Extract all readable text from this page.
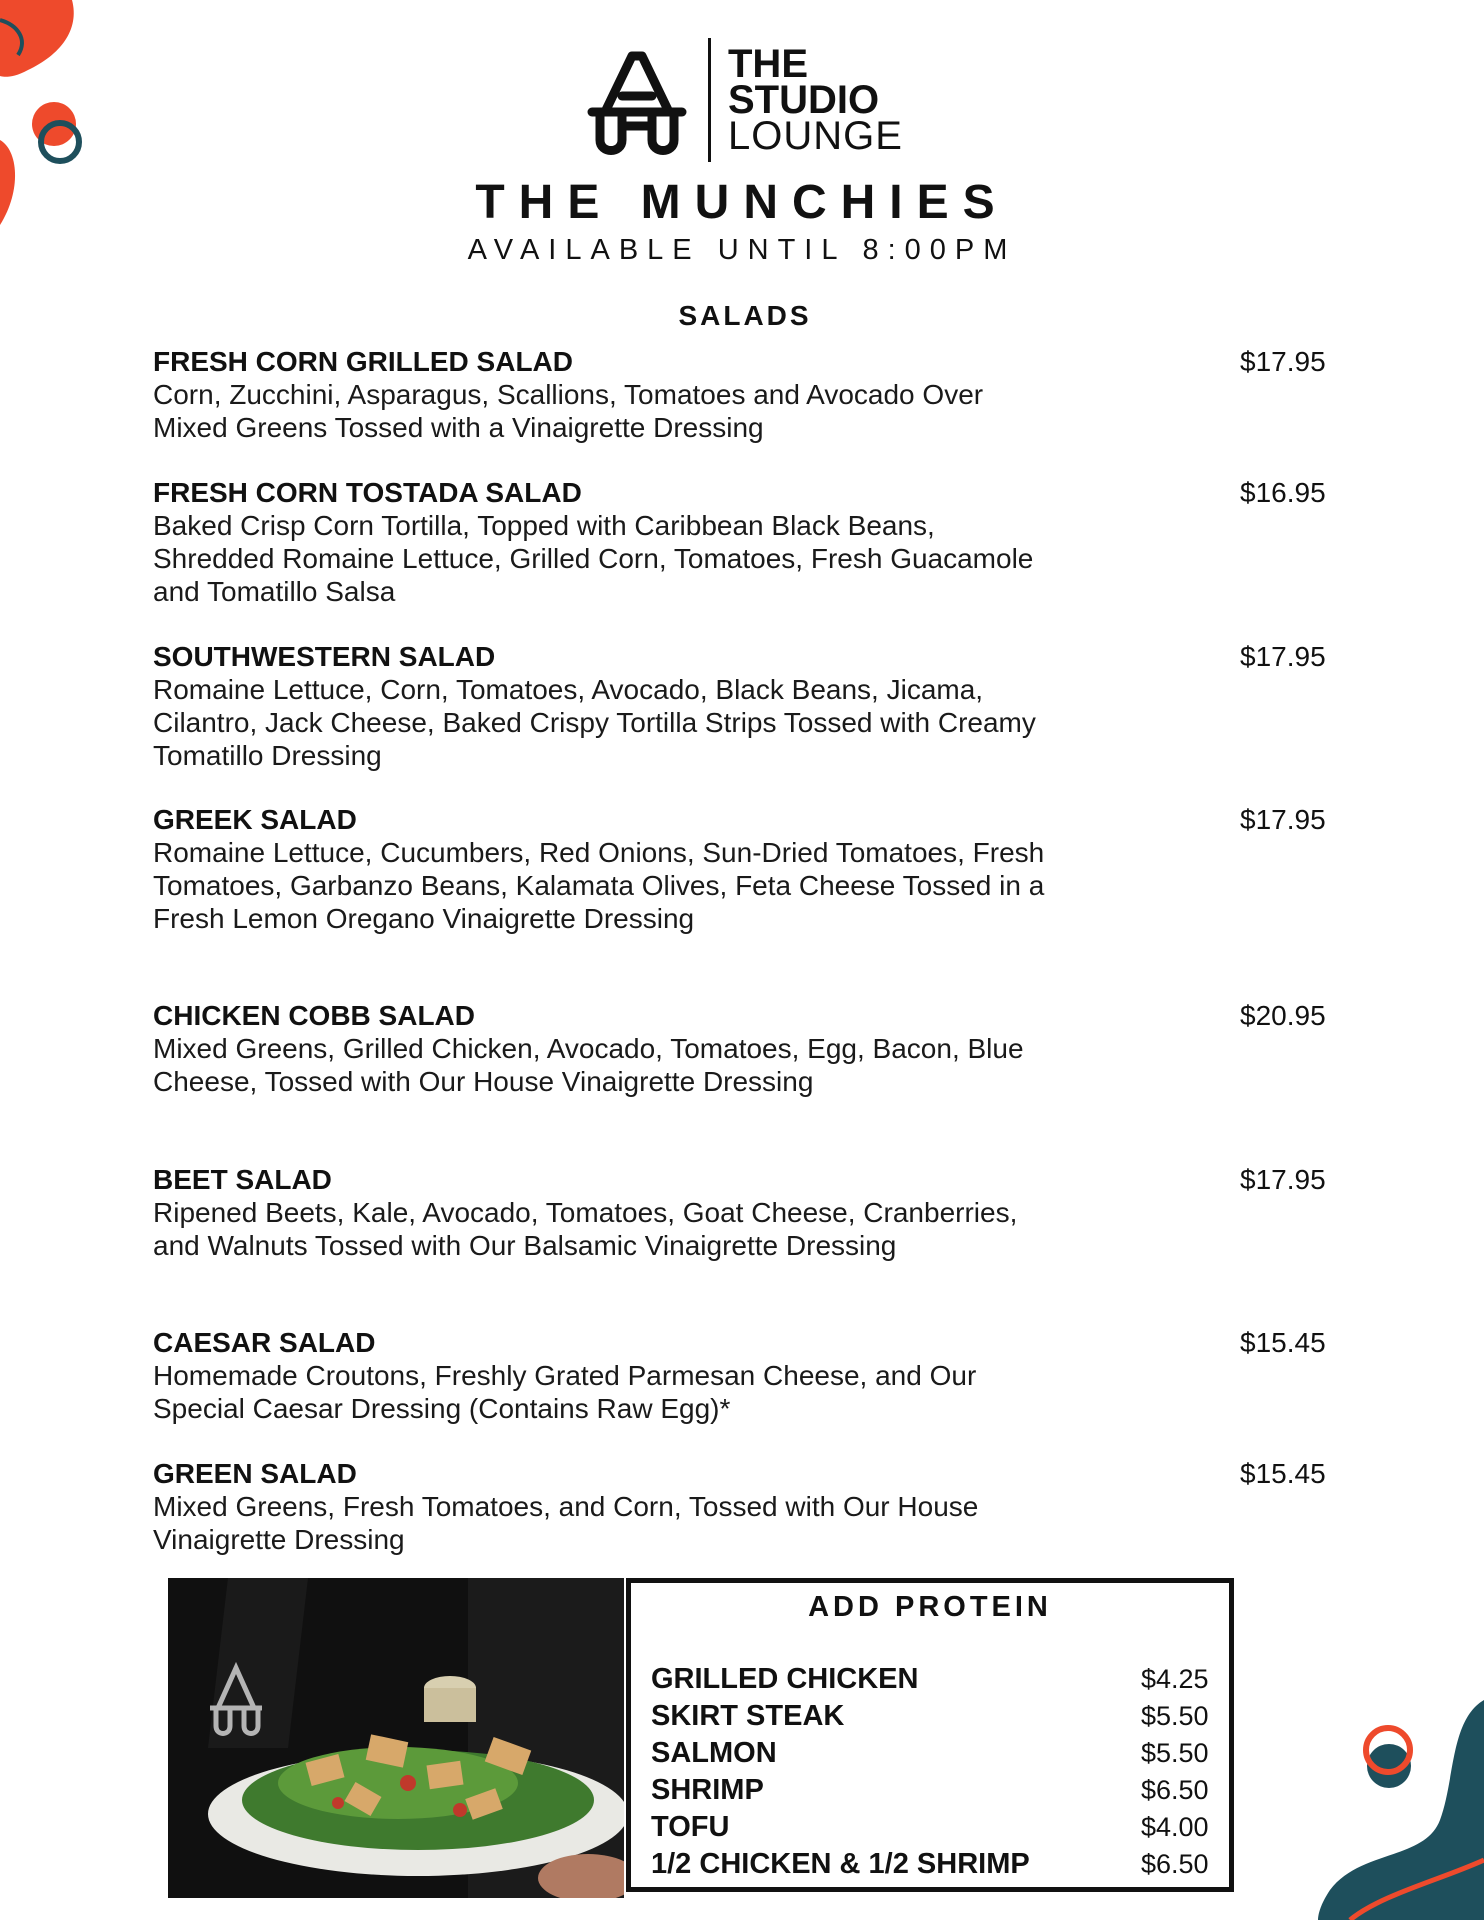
THE
STUDIO
LOUNGE
THE MUNCHIES
AVAILABLE UNTIL 8:00PM
SALADS
FRESH CORN GRILLED SALAD
Corn, Zucchini, Asparagus, Scallions, Tomatoes and Avocado Over Mixed Greens Tossed with a Vinaigrette Dressing
$17.95
FRESH CORN TOSTADA SALAD
Baked Crisp Corn Tortilla, Topped with Caribbean Black Beans, Shredded Romaine Lettuce, Grilled Corn, Tomatoes, Fresh Guacamole and Tomatillo Salsa
$16.95
SOUTHWESTERN SALAD
Romaine Lettuce, Corn, Tomatoes, Avocado, Black Beans, Jicama, Cilantro, Jack Cheese, Baked Crispy Tortilla Strips Tossed with Creamy Tomatillo Dressing
$17.95
GREEK SALAD
Romaine Lettuce, Cucumbers, Red Onions, Sun-Dried Tomatoes, Fresh Tomatoes, Garbanzo Beans, Kalamata Olives, Feta Cheese Tossed in a Fresh Lemon Oregano Vinaigrette Dressing
$17.95
CHICKEN COBB SALAD
Mixed Greens, Grilled Chicken, Avocado, Tomatoes, Egg, Bacon, Blue Cheese, Tossed with Our House Vinaigrette Dressing
$20.95
BEET SALAD
Ripened Beets, Kale, Avocado, Tomatoes, Goat Cheese, Cranberries, and Walnuts Tossed with Our Balsamic Vinaigrette Dressing
$17.95
CAESAR SALAD
Homemade Croutons, Freshly Grated Parmesan Cheese, and Our Special Caesar Dressing (Contains Raw Egg)*
$15.45
GREEN SALAD
Mixed Greens, Fresh Tomatoes, and Corn, Tossed with Our House Vinaigrette Dressing
$15.45
ADD PROTEIN
GRILLED CHICKEN	$4.25
SKIRT STEAK	$5.50
SALMON	$5.50
SHRIMP	$6.50
TOFU	$4.00
1/2 CHICKEN & 1/2 SHRIMP	$6.50
